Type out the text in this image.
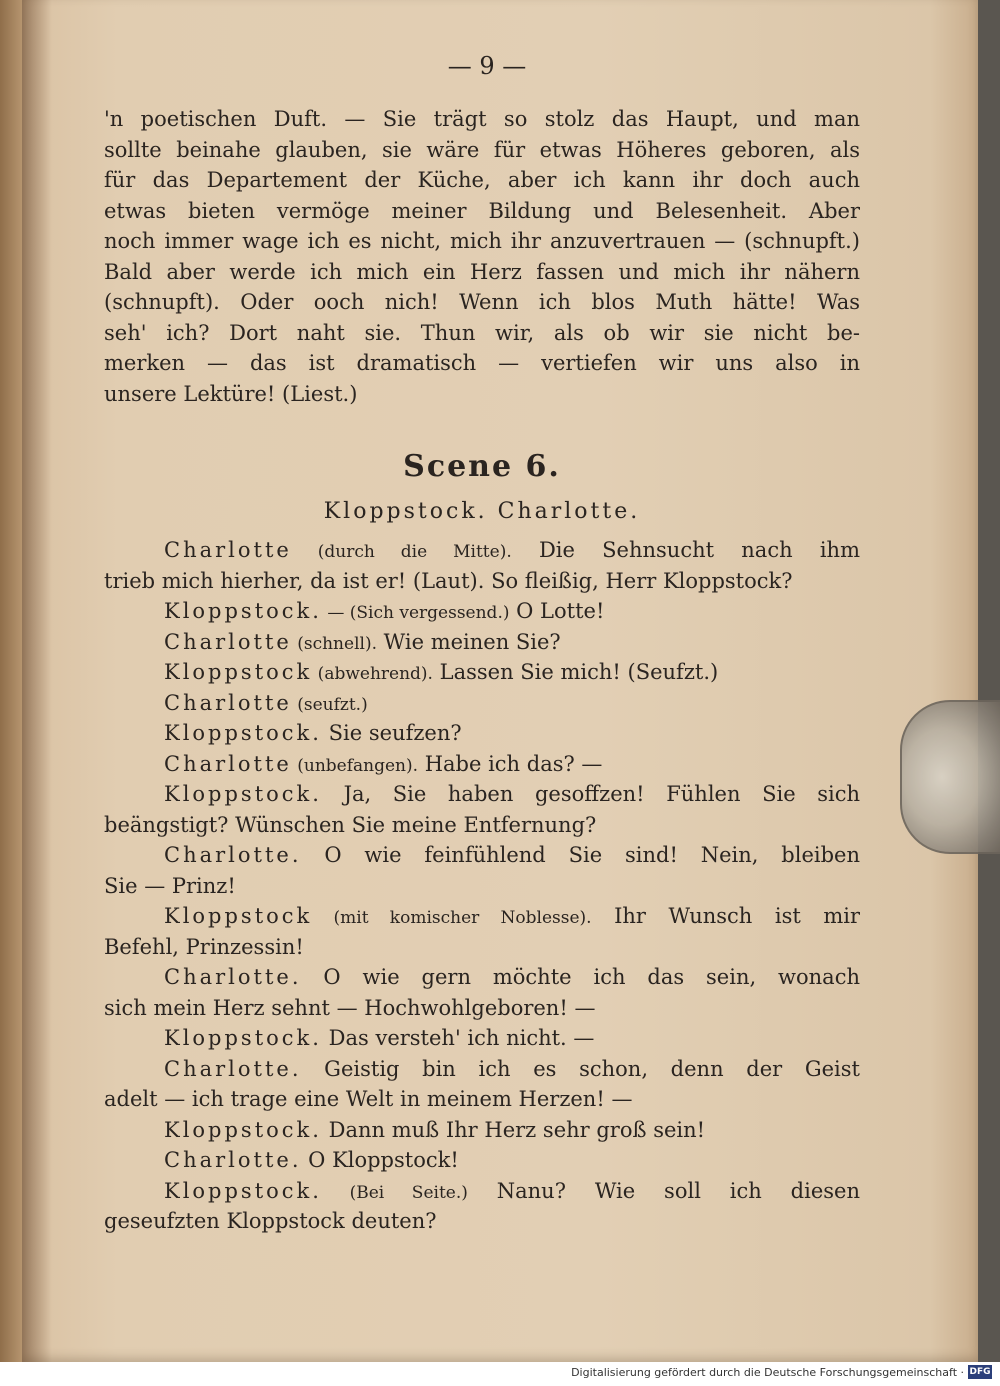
— 9 —
'n poetischen Duft. — Sie trägt so stolz das Haupt, und man
sollte beinahe glauben, sie wäre für etwas Höheres geboren, als
für das Departement der Küche, aber ich kann ihr doch auch
etwas bieten vermöge meiner Bildung und Belesenheit. Aber
noch immer wage ich es nicht, mich ihr anzuvertrauen — (schnupft.)
Bald aber werde ich mich ein Herz fassen und mich ihr nähern
(schnupft). Oder ooch nich! Wenn ich blos Muth hätte! Was
seh' ich? Dort naht sie. Thun wir, als ob wir sie nicht be-
merken — das ist dramatisch — vertiefen wir uns also in
unsere Lektüre! (Liest.)
Scene 6.
Kloppstock. Charlotte.
Charlotte (durch die Mitte). Die Sehnsucht nach ihm
trieb mich hierher, da ist er! (Laut). So fleißig, Herr Kloppstock?
Kloppstock. — (Sich vergessend.) O Lotte!
Charlotte (schnell). Wie meinen Sie?
Kloppstock (abwehrend). Lassen Sie mich! (Seufzt.)
Charlotte (seufzt.)
Kloppstock. Sie seufzen?
Charlotte (unbefangen). Habe ich das? —
Kloppstock. Ja, Sie haben gesoffzen! Fühlen Sie sich
beängstigt? Wünschen Sie meine Entfernung?
Charlotte. O wie feinfühlend Sie sind! Nein, bleiben
Sie — Prinz!
Kloppstock (mit komischer Noblesse). Ihr Wunsch ist mir
Befehl, Prinzessin!
Charlotte. O wie gern möchte ich das sein, wonach
sich mein Herz sehnt — Hochwohlgeboren! —
Kloppstock. Das versteh' ich nicht. —
Charlotte. Geistig bin ich es schon, denn der Geist
adelt — ich trage eine Welt in meinem Herzen! —
Kloppstock. Dann muß Ihr Herz sehr groß sein!
Charlotte. O Kloppstock!
Kloppstock. (Bei Seite.) Nanu? Wie soll ich diesen
geseufzten Kloppstock deuten?
Digitalisierung gefördert durch die Deutsche Forschungsgemeinschaft · DFG
